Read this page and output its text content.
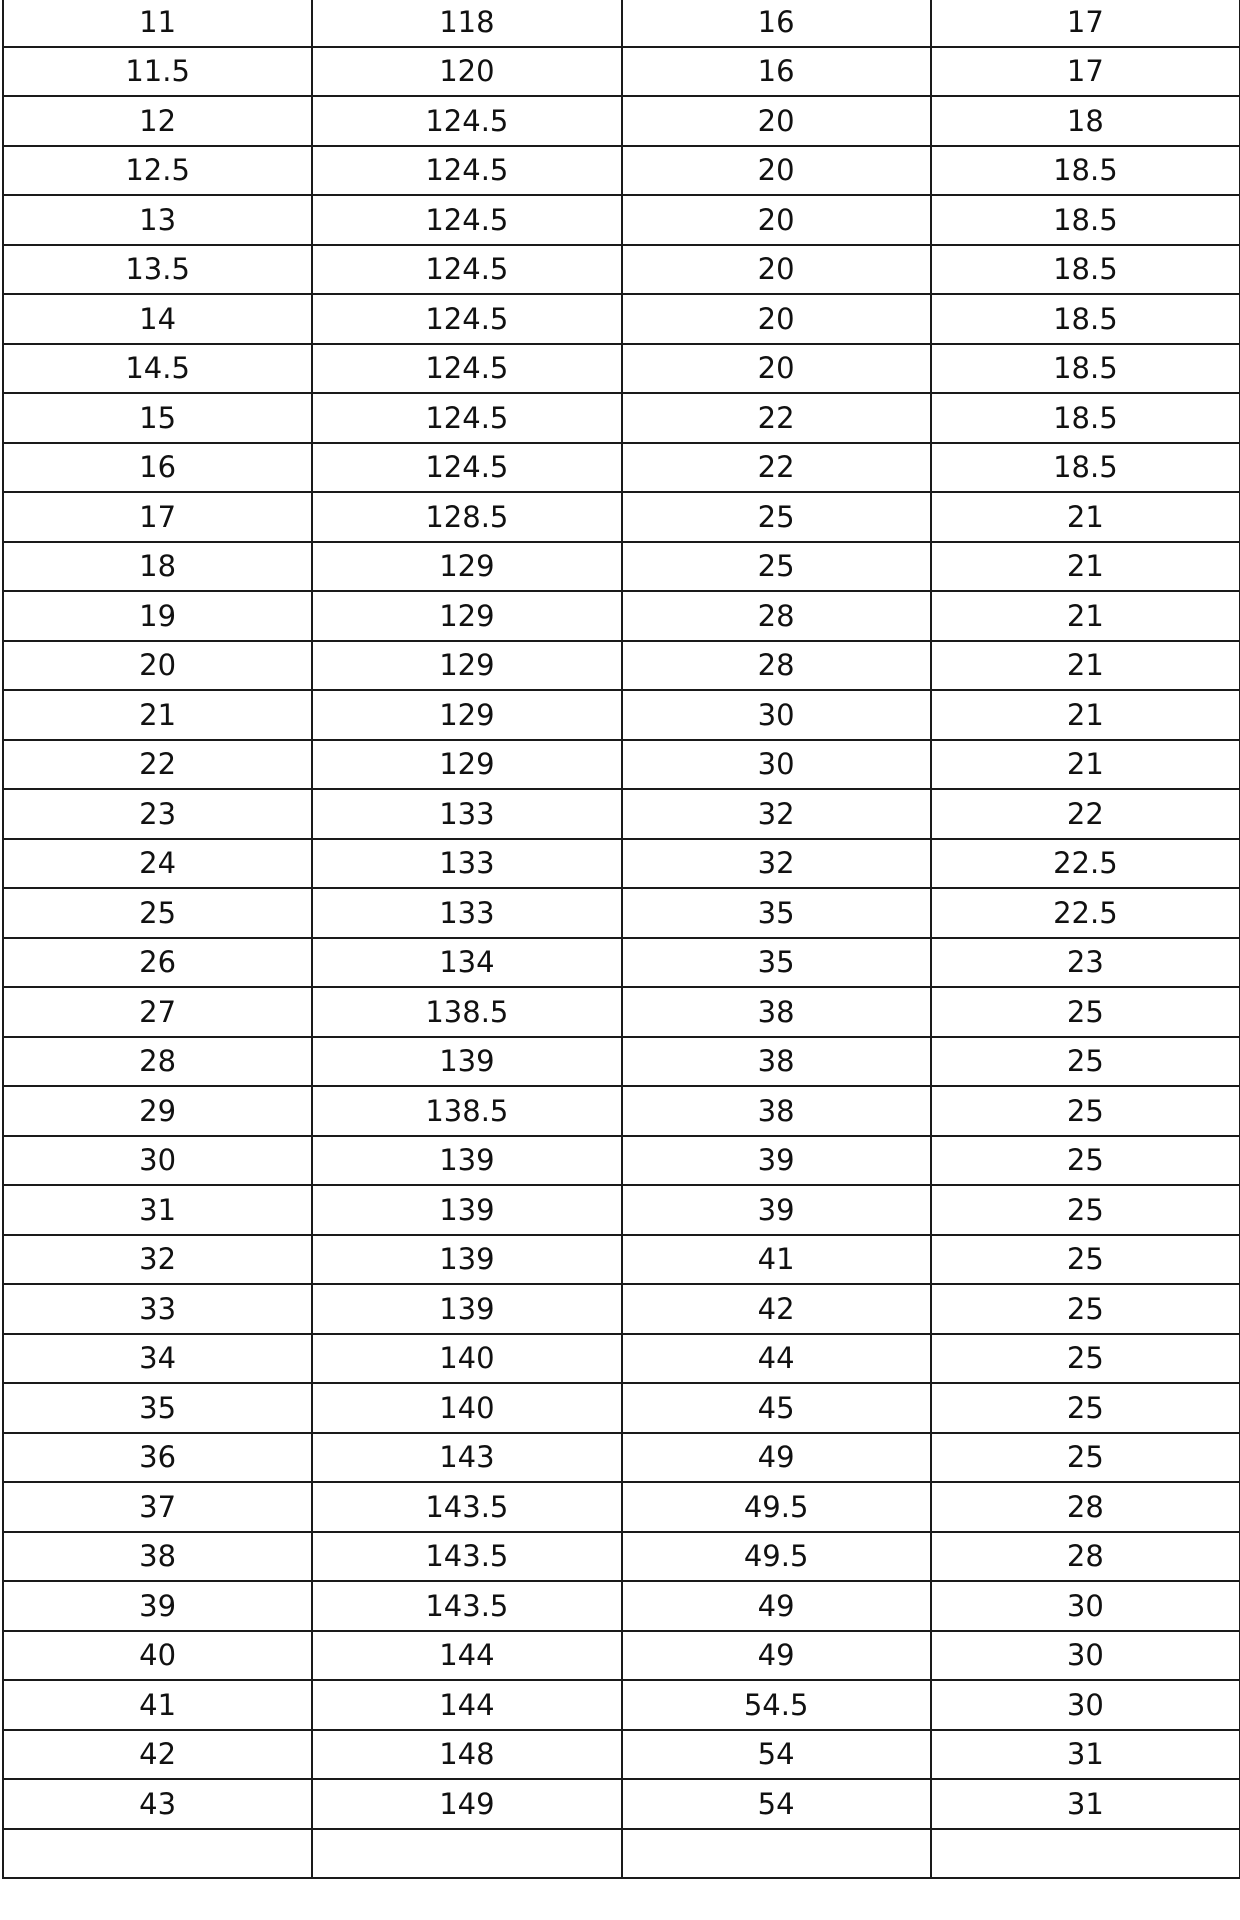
11	118	16	17
11.5	120	16	17
12	124.5	20	18
12.5	124.5	20	18.5
13	124.5	20	18.5
13.5	124.5	20	18.5
14	124.5	20	18.5
14.5	124.5	20	18.5
15	124.5	22	18.5
16	124.5	22	18.5
17	128.5	25	21
18	129	25	21
19	129	28	21
20	129	28	21
21	129	30	21
22	129	30	21
23	133	32	22
24	133	32	22.5
25	133	35	22.5
26	134	35	23
27	138.5	38	25
28	139	38	25
29	138.5	38	25
30	139	39	25
31	139	39	25
32	139	41	25
33	139	42	25
34	140	44	25
35	140	45	25
36	143	49	25
37	143.5	49.5	28
38	143.5	49.5	28
39	143.5	49	30
40	144	49	30
41	144	54.5	30
42	148	54	31
43	149	54	31
